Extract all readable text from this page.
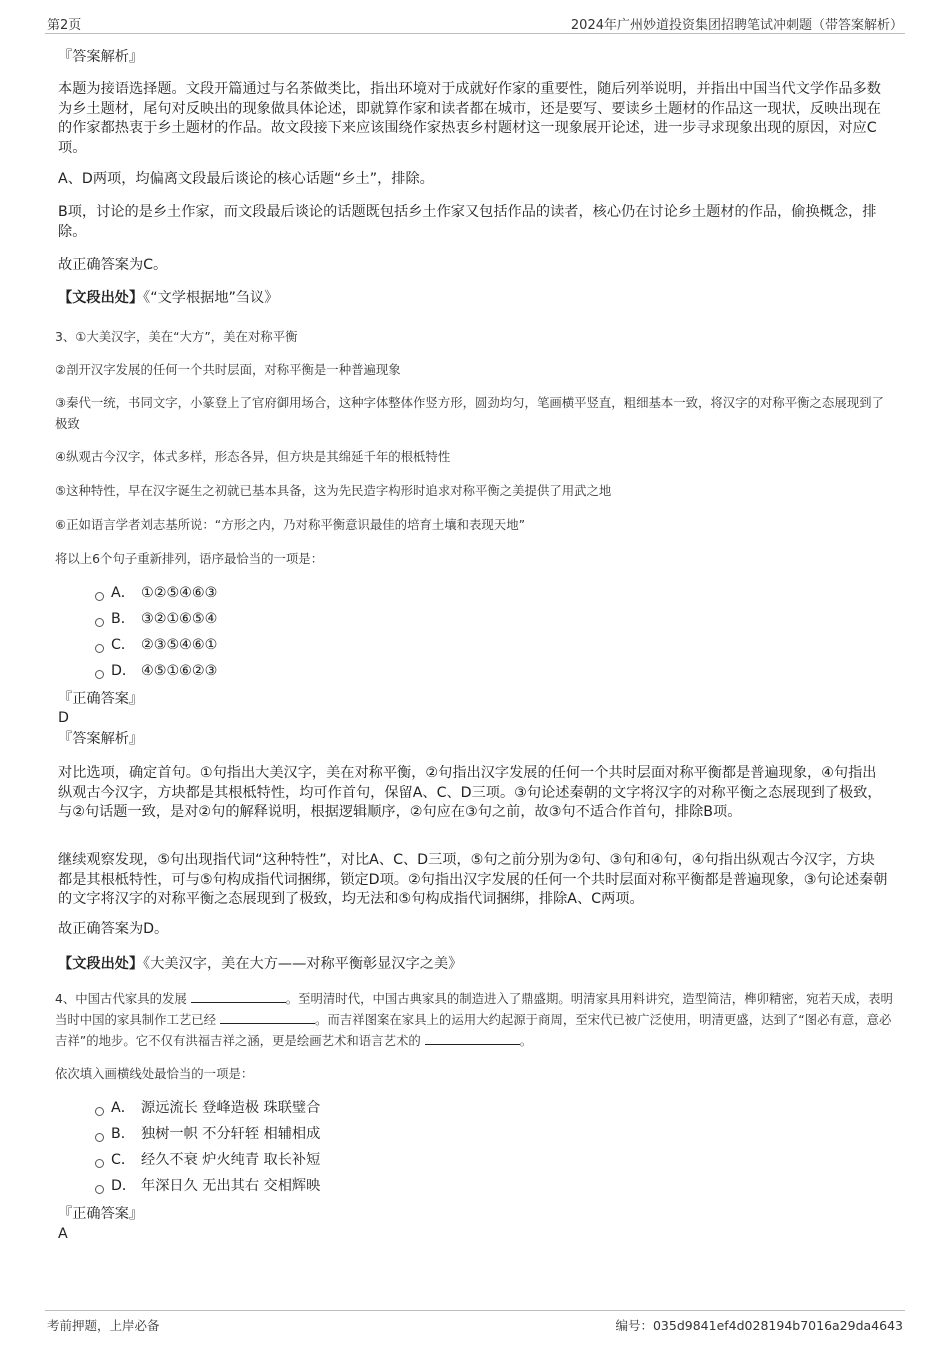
第2页	2024年广州妙道投资集团招聘笔试冲刺题（带答案解析）
『答案解析』
本题为接语选择题。文段开篇通过与名茶做类比，指出环境对于成就好作家的重要性，随后列举说明，并指出中国当代文学作品多数为乡土题材，尾句对反映出的现象做具体论述，即就算作家和读者都在城市，还是要写、要读乡土题材的作品这一现状，反映出现在的作家都热衷于乡土题材的作品。故文段接下来应该围绕作家热衷乡村题材这一现象展开论述，进一步寻求现象出现的原因，对应C项。
A、D两项，均偏离文段最后谈论的核心话题“乡土”，排除。
B项，讨论的是乡土作家，而文段最后谈论的话题既包括乡土作家又包括作品的读者，核心仍在讨论乡土题材的作品，偷换概念，排除。
故正确答案为C。
【文段出处】《“文学根据地”刍议》
3、①大美汉字，美在“大方”，美在对称平衡
②剖开汉字发展的任何一个共时层面，对称平衡是一种普遍现象
③秦代一统，书同文字，小篆登上了官府御用场合，这种字体整体作竖方形，圆劲均匀，笔画横平竖直，粗细基本一致，将汉字的对称平衡之态展现到了极致
④纵观古今汉字，体式多样，形态各异，但方块是其绵延千年的根柢特性
⑤这种特性，早在汉字诞生之初就已基本具备，这为先民造字构形时追求对称平衡之美提供了用武之地
⑥正如语言学者刘志基所说：“方形之内，乃对称平衡意识最佳的培育土壤和表现天地”
将以上6个句子重新排列，语序最恰当的一项是：
A． ①②⑤④⑥③
B． ③②①⑥⑤④
C． ②③⑤④⑥①
D． ④⑤①⑥②③
『正确答案』
D
『答案解析』
对比选项，确定首句。①句指出大美汉字，美在对称平衡，②句指出汉字发展的任何一个共时层面对称平衡都是普遍现象，④句指出纵观古今汉字，方块都是其根柢特性，均可作首句，保留A、C、D三项。③句论述秦朝的文字将汉字的对称平衡之态展现到了极致，与②句话题一致，是对②句的解释说明，根据逻辑顺序，②句应在③句之前，故③句不适合作首句，排除B项。
继续观察发现，⑤句出现指代词“这种特性”，对比A、C、D三项，⑤句之前分别为②句、③句和④句，④句指出纵观古今汉字，方块都是其根柢特性，可与⑤句构成指代词捆绑，锁定D项。②句指出汉字发展的任何一个共时层面对称平衡都是普遍现象，③句论述秦朝的文字将汉字的对称平衡之态展现到了极致，均无法和⑤句构成指代词捆绑，排除A、C两项。
故正确答案为D。
【文段出处】《大美汉字，美在大方——对称平衡彰显汉字之美》
4、中国古代家具的发展	。至明清时代，中国古典家具的制造进入了鼎盛期。明清家具用料讲究，造型简洁，榫卯精密，宛若天成，表明当时中国的家具制作工艺已经	。而吉祥图案在家具上的运用大约起源于商周，至宋代已被广泛使用，明清更盛，达到了“图必有意，意必吉祥”的地步。它不仅有洪福吉祥之涵，更是绘画艺术和语言艺术的	。
依次填入画横线处最恰当的一项是：
A． 源远流长 登峰造极 珠联璧合
B． 独树一帜 不分轩轾 相辅相成
C． 经久不衰 炉火纯青 取长补短
D． 年深日久 无出其右 交相辉映
『正确答案』
A
考前押题，上岸必备	编号：035d9841ef4d028194b7016a29da4643
